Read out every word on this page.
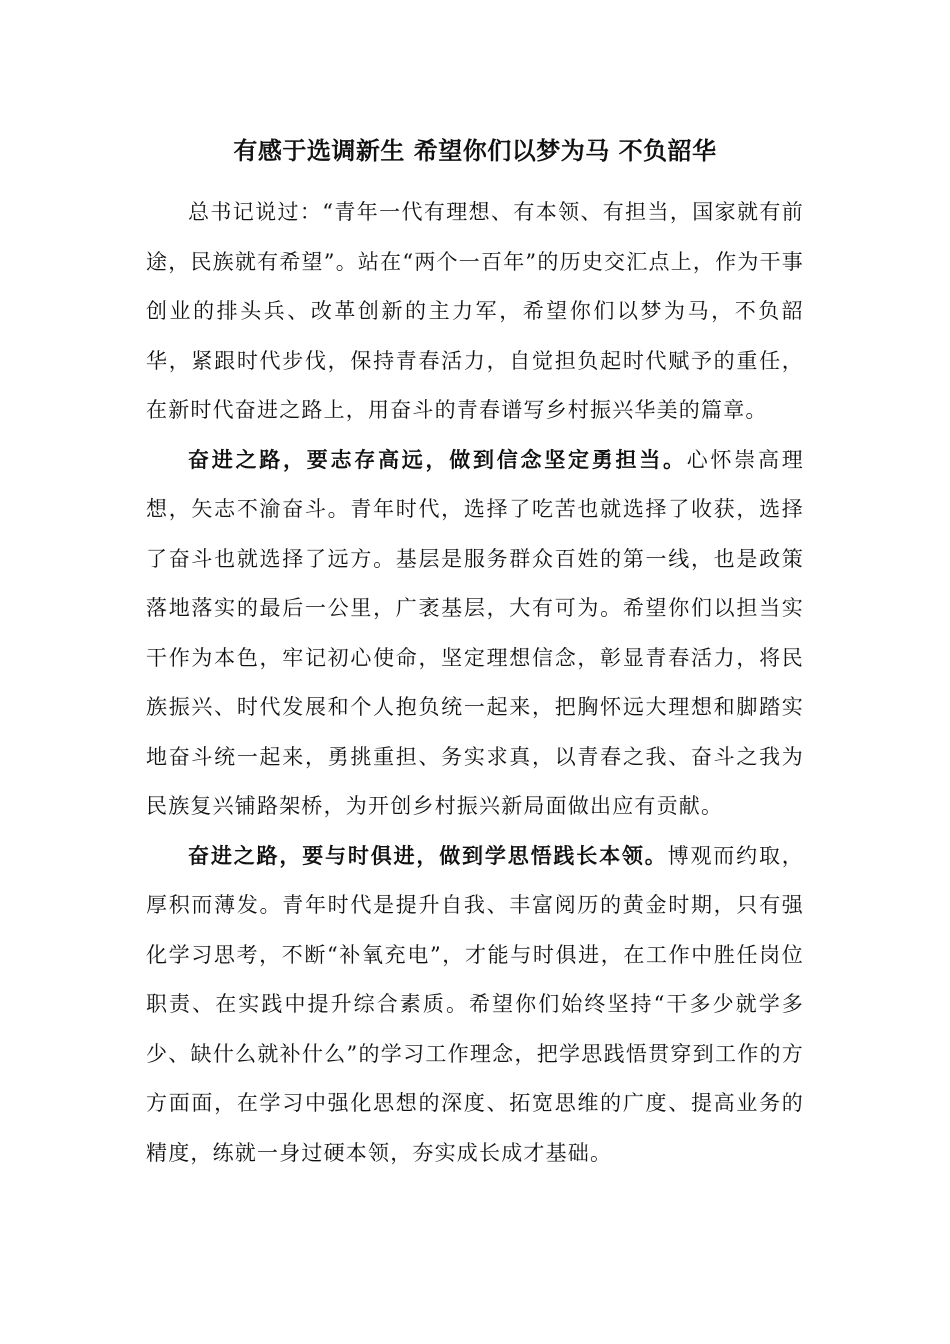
有感于选调新生 希望你们以梦为马 不负韶华

总书记说过：“青年一代有理想、有本领、有担当，国家就有前途，民族就有希望”。站在“两个一百年”的历史交汇点上，作为干事创业的排头兵、改革创新的主力军，希望你们以梦为马，不负韶华，紧跟时代步伐，保持青春活力，自觉担负起时代赋予的重任，在新时代奋进之路上，用奋斗的青春谱写乡村振兴华美的篇章。

奋进之路，要志存高远，做到信念坚定勇担当。心怀崇高理想，矢志不渝奋斗。青年时代，选择了吃苦也就选择了收获，选择了奋斗也就选择了远方。基层是服务群众百姓的第一线，也是政策落地落实的最后一公里，广袤基层，大有可为。希望你们以担当实干作为本色，牢记初心使命，坚定理想信念，彰显青春活力，将民族振兴、时代发展和个人抱负统一起来，把胸怀远大理想和脚踏实地奋斗统一起来，勇挑重担、务实求真，以青春之我、奋斗之我为民族复兴铺路架桥，为开创乡村振兴新局面做出应有贡献。

奋进之路，要与时俱进，做到学思悟践长本领。博观而约取，厚积而薄发。青年时代是提升自我、丰富阅历的黄金时期，只有强化学习思考，不断“补氧充电”，才能与时俱进，在工作中胜任岗位职责、在实践中提升综合素质。希望你们始终坚持“干多少就学多少、缺什么就补什么”的学习工作理念，把学思践悟贯穿到工作的方方面面，在学习中强化思想的深度、拓宽思维的广度、提高业务的精度，练就一身过硬本领，夯实成长成才基础。
